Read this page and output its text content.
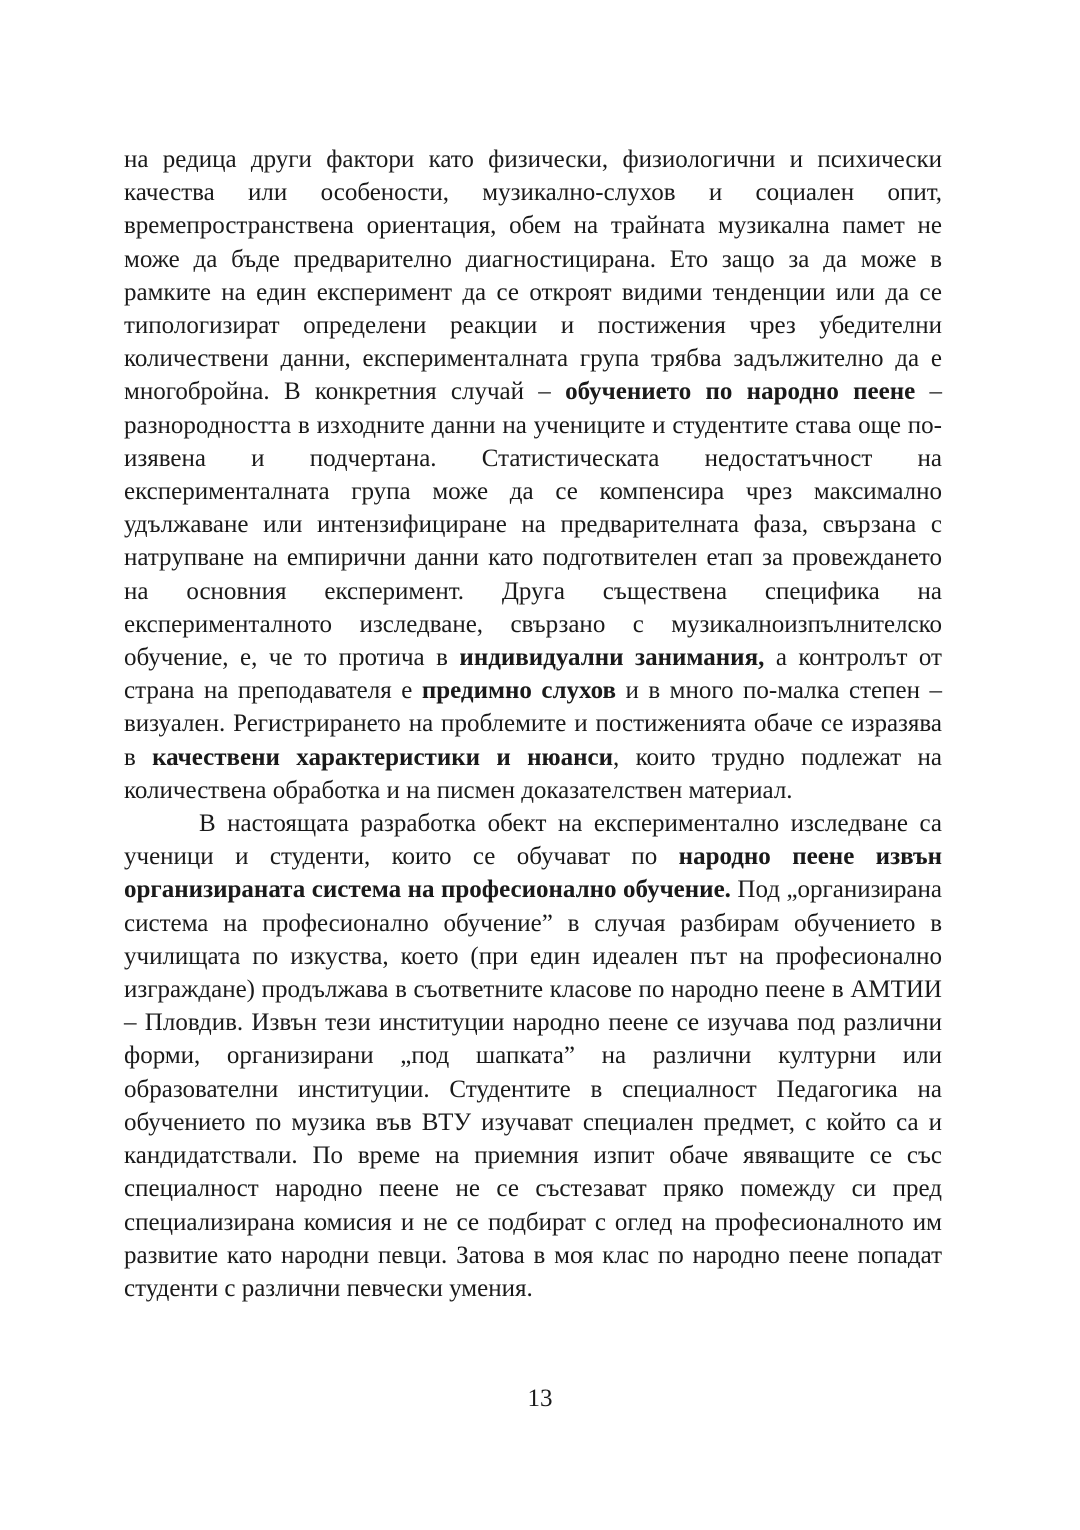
на редица други фактори като физически, физиологични и психически качества или особености, музикално-слухов и социален опит, времепространствена ориентация, обем на трайната музикална памет не може да бъде предварително диагностицирана. Ето защо за да може в рамките на един експеримент да се откроят видими тенденции или да се типологизират определени реакции и постижения чрез убедителни количествени данни, експерименталната група трябва задължително да е многобройна. В конкретния случай – обучението по народно пеене – разнородността в изходните данни на учениците и студентите става още по-изявена и подчертана. Статистическата недостатъчност на експерименталната група може да се компенсира чрез максимално удължаване или интензифициране на предварителната фаза, свързана с натрупване на емпирични данни като подготвителен етап за провеждането на основния експеримент. Друга съществена специфика на експерименталното изследване, свързано с музикалноизпълнителско обучение, е, че то протича в индивидуални занимания, а контролът от страна на преподавателя е предимно слухов и в много по-малка степен – визуален. Регистрирането на проблемите и постиженията обаче се изразява в качествени характеристики и нюанси, които трудно подлежат на количествена обработка и на писмен доказателствен материал.

В настоящата разработка обект на експериментално изследване са ученици и студенти, които се обучават по народно пеене извън организираната система на професионално обучение. Под „организирана система на професионално обучение” в случая разбирам обучението в училищата по изкуства, което (при един идеален път на професионално изграждане) продължава в съответните класове по народно пеене в АМТИИ – Пловдив. Извън тези институции народно пеене се изучава под различни форми, организирани „под шапката” на различни културни или образователни институции. Студентите в специалност Педагогика на обучението по музика във ВТУ изучават специален предмет, с който са и кандидатствали. По време на приемния изпит обаче явяващите се със специалност народно пеене не се състезават пряко помежду си пред специализирана комисия и не се подбират с оглед на професионалното им развитие като народни певци. Затова в моя клас по народно пеене попадат студенти с различни певчески умения.

13
